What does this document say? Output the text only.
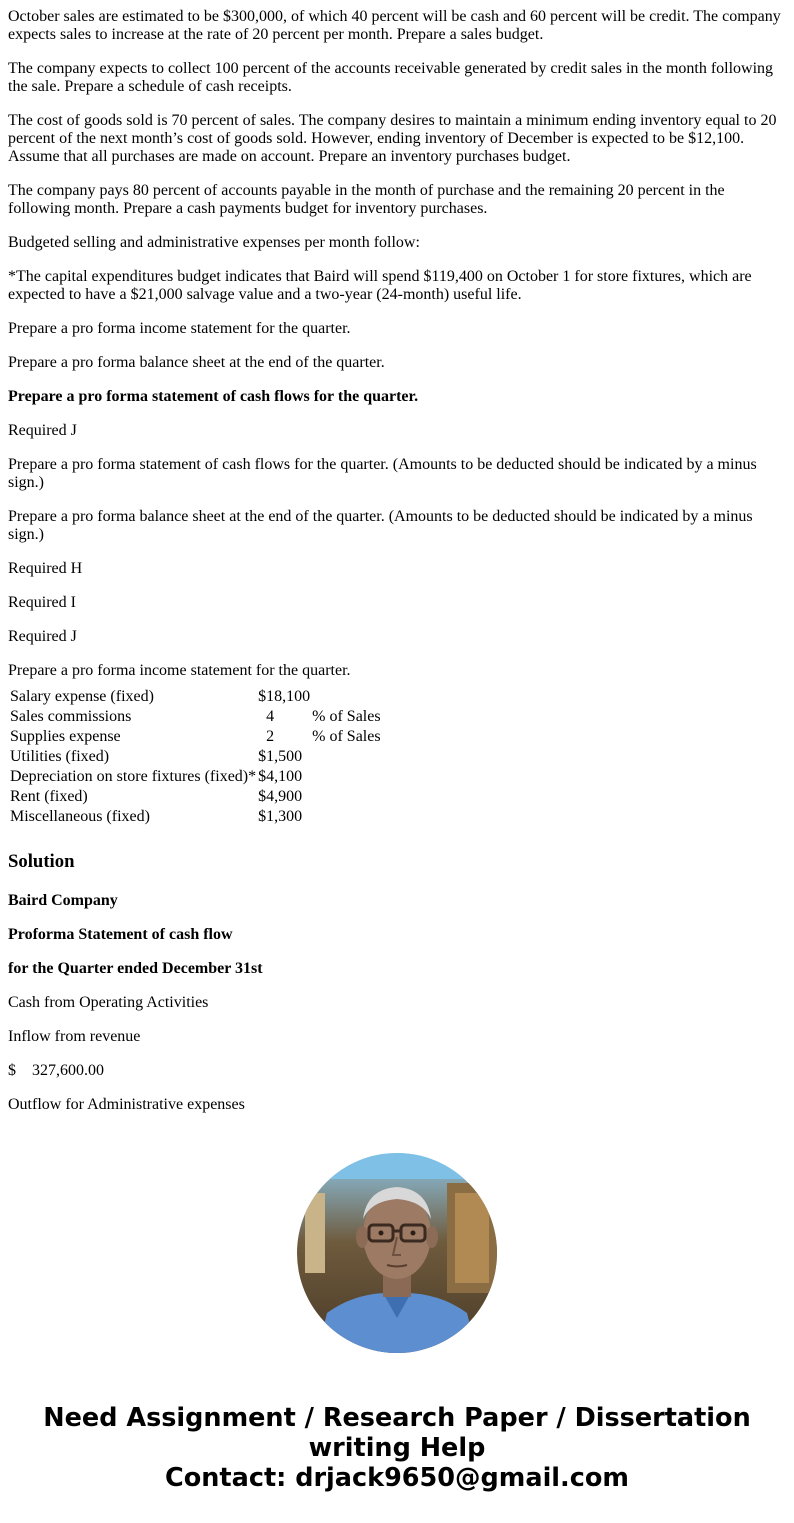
October sales are estimated to be $300,000, of which 40 percent will be cash and 60 percent will be credit. The company expects sales to increase at the rate of 20 percent per month. Prepare a sales budget.

The company expects to collect 100 percent of the accounts receivable generated by credit sales in the month following the sale. Prepare a schedule of cash receipts.

The cost of goods sold is 70 percent of sales. The company desires to maintain a minimum ending inventory equal to 20 percent of the next month’s cost of goods sold. However, ending inventory of December is expected to be $12,100. Assume that all purchases are made on account. Prepare an inventory purchases budget.

The company pays 80 percent of accounts payable in the month of purchase and the remaining 20 percent in the following month. Prepare a cash payments budget for inventory purchases.

Budgeted selling and administrative expenses per month follow:

*The capital expenditures budget indicates that Baird will spend $119,400 on October 1 for store fixtures, which are expected to have a $21,000 salvage value and a two-year (24-month) useful life.

Prepare a pro forma income statement for the quarter.

Prepare a pro forma balance sheet at the end of the quarter.

Prepare a pro forma statement of cash flows for the quarter.

Required J

Prepare a pro forma statement of cash flows for the quarter. (Amounts to be deducted should be indicated by a minus sign.)

Prepare a pro forma balance sheet at the end of the quarter. (Amounts to be deducted should be indicated by a minus sign.)

Required H

Required I

Required J

Prepare a pro forma income statement for the quarter.

Salary expense (fixed)	$18,100	
Sales commissions	4	% of Sales
Supplies expense	2	% of Sales
Utilities (fixed)	$1,500	
Depreciation on store fixtures (fixed)*	$4,100	
Rent (fixed)	$4,900	
Miscellaneous (fixed)	$1,300	
Solution

Baird Company

Proforma Statement of cash flow

for the Quarter ended December 31st

Cash from Operating Activities

Inflow from revenue

$    327,600.00

Outflow for Administrative expenses

Need Assignment / Research Paper / Dissertation
writing Help
Contact: drjack9650@gmail.com
